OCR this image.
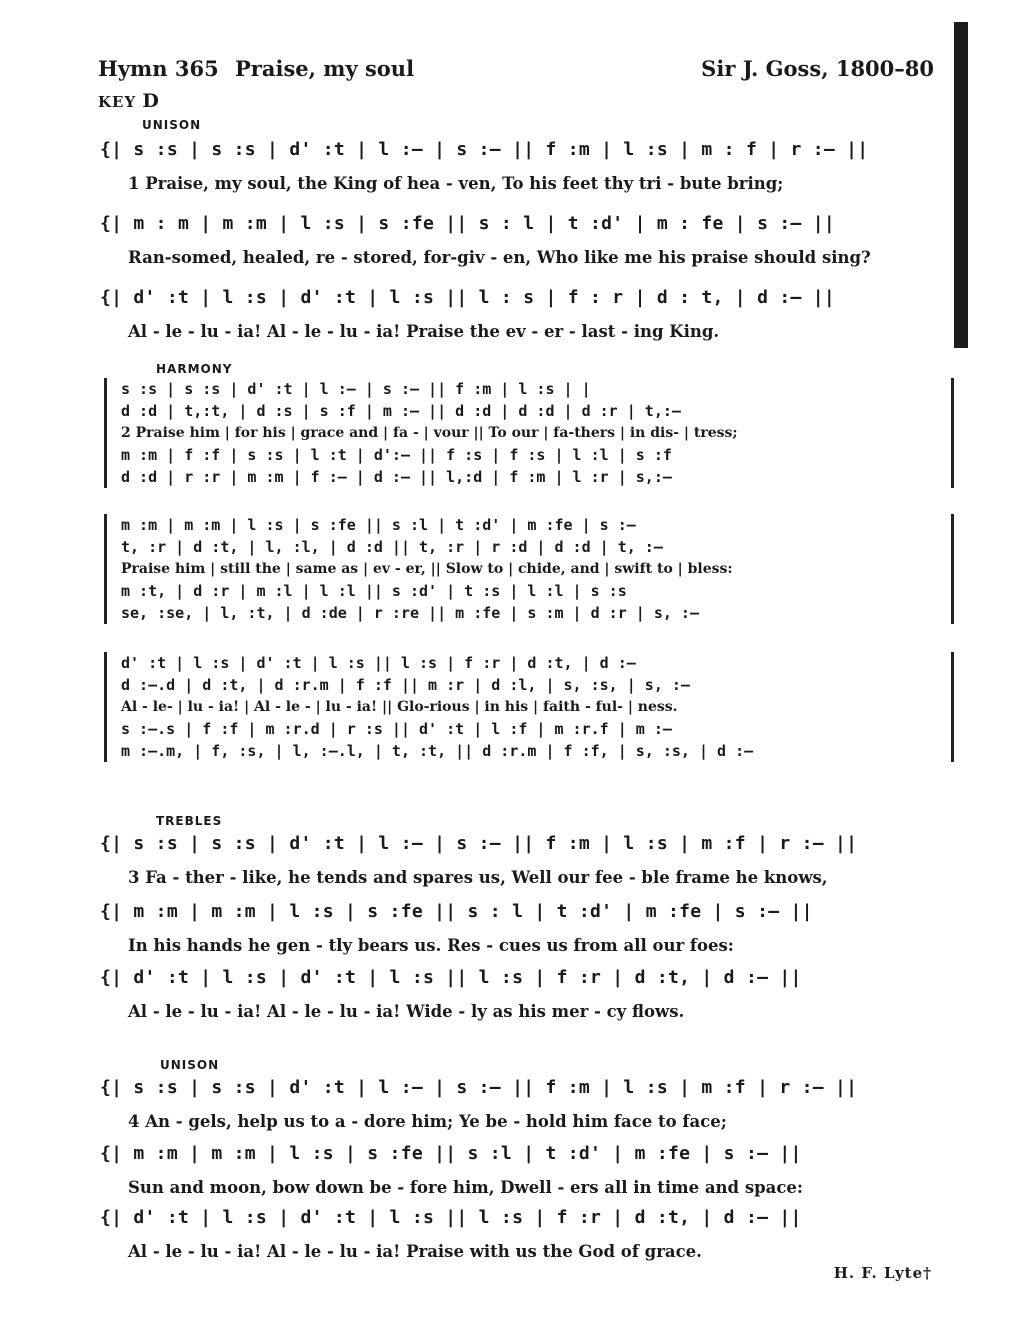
Hymn 365 Praise, my soul	Sir J. Goss, 1800–80
KEY D
UNISON
{| s :s | s :s | d' :t | l :— | s :— || f :m | l :s | m : f | r :— ||
1 Praise, my soul, the King of hea - ven, To his feet thy tri - bute bring;
{| m : m | m :m | l :s | s :fe || s : l | t :d' | m : fe | s :— ||
Ran-somed, healed, re - stored, for-giv - en, Who like me his praise should sing?
{| d' :t | l :s | d' :t | l :s || l : s | f : r | d : t, | d :— ||
Al - le - lu - ia! Al - le - lu - ia! Praise the ev - er - last - ing King.
HARMONY
s :s | s :s | d' :t | l :— | s :— || f :m | l :s | |
d :d | t,:t, | d :s | s :f | m :— || d :d | d :d | d :r | t,:—
2 Praise him | for his | grace and | fa - | vour || To our | fa-thers | in dis- | tress;
m :m | f :f | s :s | l :t | d':— || f :s | f :s | l :l | s :f
d :d | r :r | m :m | f :— | d :— || l,:d | f :m | l :r | s,:—
m :m | m :m | l :s | s :fe || s :l | t :d' | m :fe | s :—
t, :r | d :t, | l, :l, | d :d || t, :r | r :d | d :d | t, :—
Praise him | still the | same as | ev - er, || Slow to | chide, and | swift to | bless:
m :t, | d :r | m :l | l :l || s :d' | t :s | l :l | s :s
se, :se, | l, :t, | d :de | r :re || m :fe | s :m | d :r | s, :—
d' :t | l :s | d' :t | l :s || l :s | f :r | d :t, | d :—
d :—.d | d :t, | d :r.m | f :f || m :r | d :l, | s, :s, | s, :—
Al - le- | lu - ia! | Al - le - | lu - ia! || Glo-rious | in his | faith - ful- | ness.
s :—.s | f :f | m :r.d | r :s || d' :t | l :f | m :r.f | m :—
m :—.m, | f, :s, | l, :—.l, | t, :t, || d :r.m | f :f, | s, :s, | d :—
TREBLES
{| s :s | s :s | d' :t | l :— | s :— || f :m | l :s | m :f | r :— ||
3 Fa - ther - like, he tends and spares us, Well our fee - ble frame he knows,
{| m :m | m :m | l :s | s :fe || s : l | t :d' | m :fe | s :— ||
In his hands he gen - tly bears us. Res - cues us from all our foes:
{| d' :t | l :s | d' :t | l :s || l :s | f :r | d :t, | d :— ||
Al - le - lu - ia! Al - le - lu - ia! Wide - ly as his mer - cy flows.
UNISON
{| s :s | s :s | d' :t | l :— | s :— || f :m | l :s | m :f | r :— ||
4 An - gels, help us to a - dore him; Ye be - hold him face to face;
{| m :m | m :m | l :s | s :fe || s :l | t :d' | m :fe | s :— ||
Sun and moon, bow down be - fore him, Dwell - ers all in time and space:
{| d' :t | l :s | d' :t | l :s || l :s | f :r | d :t, | d :— ||
Al - le - lu - ia! Al - le - lu - ia! Praise with us the God of grace.
H. F. Lyte†
